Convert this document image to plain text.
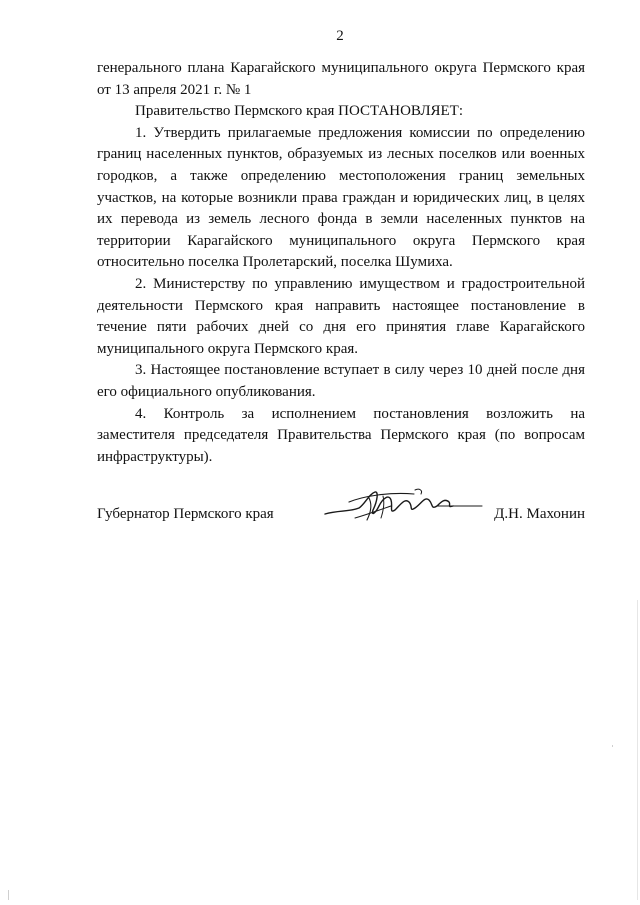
2

генерального плана Карагайского муниципального округа Пермского края

от 13 апреля 2021 г. № 1

Правительство Пермского края ПОСТАНОВЛЯЕТ:

1. Утвердить прилагаемые предложения комиссии по определению границ населенных пунктов, образуемых из лесных поселков или военных городков, а также определению местоположения границ земельных участков, на которые возникли права граждан и юридических лиц, в целях их перевода из земель лесного фонда в земли населенных пунктов на территории Карагайского муниципального округа Пермского края относительно поселка Пролетарский, поселка Шумиха.

2. Министерству по управлению имуществом и градостроительной деятельности Пермского края направить настоящее постановление в течение пяти рабочих дней со дня его принятия главе Карагайского муниципального округа Пермского края.

3. Настоящее постановление вступает в силу через 10 дней после дня его официального опубликования.

4. Контроль за исполнением постановления возложить на заместителя председателя Правительства Пермского края (по вопросам инфраструктуры).

Губернатор Пермского края	Д.Н. Махонин
